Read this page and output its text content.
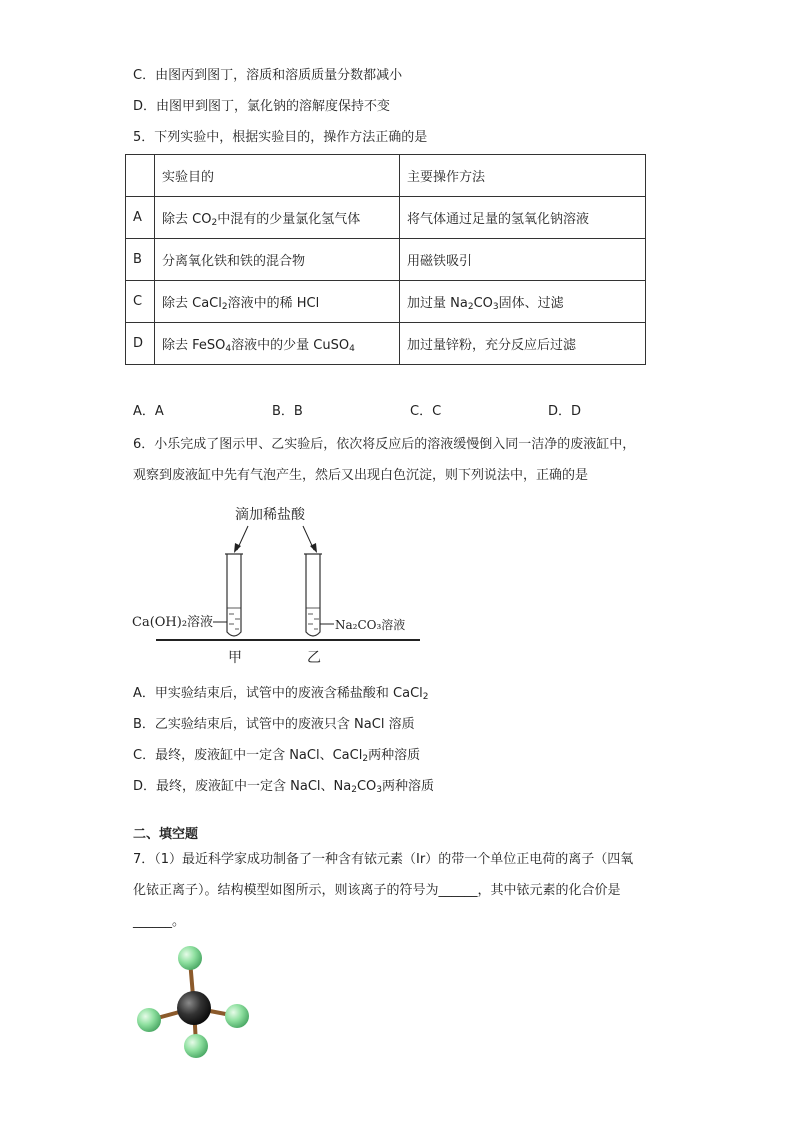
C．由图丙到图丁，溶质和溶质质量分数都减小
D．由图甲到图丁，氯化钠的溶解度保持不变
5．下列实验中，根据实验目的，操作方法正确的是
	实验目的	主要操作方法
A	除去 $CO_2$中混有的少量氯化氢气体	将气体通过足量的氢氧化钠溶液
B	分离氧化铁和铁的混合物	用磁铁吸引
C	除去 CaCl$_2$溶液中的稀 HCl	加过量 $Na_2CO_3$固体、过滤
D	除去 FeSO$_4$溶液中的少量 CuSO$_4$	加过量锌粉，充分反应后过滤
A．A	B．B	C．C	D．D
6．小乐完成了图示甲、乙实验后，依次将反应后的溶液缓慢倒入同一洁净的废液缸中，
观察到废液缸中先有气泡产生，然后又出现白色沉淀，则下列说法中，正确的是
滴加稀盐酸
Ca(OH)₂溶液	Na₂CO₃溶液
甲	乙
A．甲实验结束后，试管中的废液含稀盐酸和 CaCl$_2$
B．乙实验结束后，试管中的废液只含 NaCl 溶质
C．最终，废液缸中一定含 NaCl、CaCl$_2$两种溶质
D．最终，废液缸中一定含 NaCl、$Na_2CO_3$两种溶质
二、填空题
7．（1）最近科学家成功制备了一种含有铱元素（Ir）的带一个单位正电荷的离子（四氧
化铱正离子）。结构模型如图所示，则该离子的符号为______，其中铱元素的化合价是
______。
